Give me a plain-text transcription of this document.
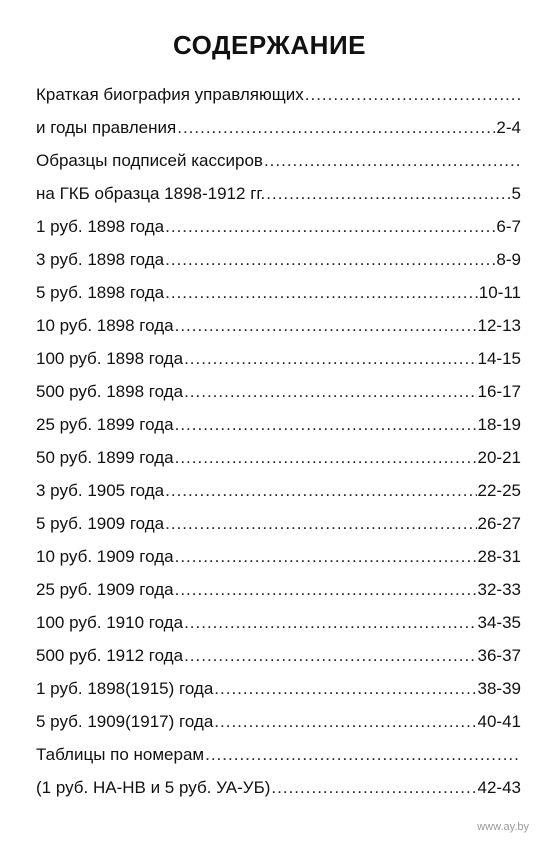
СОДЕРЖАНИЕ
Краткая биография управляющих
.....
и годы правления .....	2-4
Образцы подписей кассиров
.....
на ГКБ образца 1898-1912 гг. .....	5
1 руб. 1898 года .....	6-7
3 руб. 1898 года .....	8-9
5 руб. 1898 года .....	10-11
10 руб. 1898 года .....	12-13
100 руб. 1898 года .....	14-15
500 руб. 1898 года .....	16-17
25 руб. 1899 года .....	18-19
50 руб. 1899 года .....	20-21
3 руб. 1905 года .....	22-25
5 руб. 1909 года .....	26-27
10 руб. 1909 года .....	28-31
25 руб. 1909 года .....	32-33
100 руб. 1910 года .....	34-35
500 руб. 1912 года .....	36-37
1 руб. 1898(1915) года .....	38-39
5 руб. 1909(1917) года .....	40-41
Таблицы по номерам
.....
(1 руб. НА-НВ и 5 руб. УА-УБ) .....	42-43
www.ay.by
